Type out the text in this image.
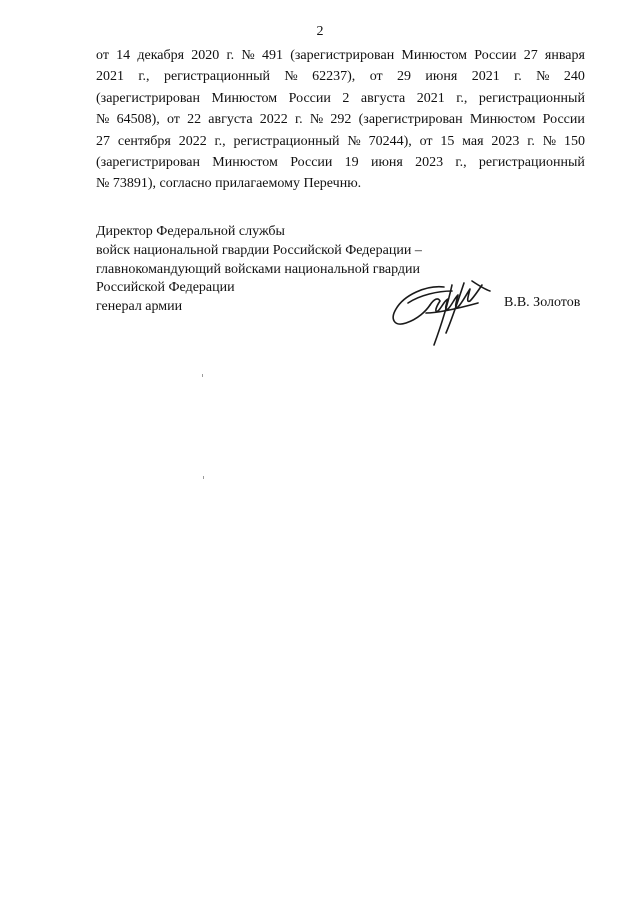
2
от 14 декабря 2020 г. № 491 (зарегистрирован Минюстом России 27 января
2021 г., регистрационный № 62237), от 29 июня 2021 г. № 240
(зарегистрирован Минюстом России 2 августа 2021 г., регистрационный
№ 64508), от 22 августа 2022 г. № 292 (зарегистрирован Минюстом России
27 сентября 2022 г., регистрационный № 70244), от 15 мая 2023 г. № 150
(зарегистрирован Минюстом России 19 июня 2023 г., регистрационный
№ 73891), согласно прилагаемому Перечню.
Директор Федеральной службы
войск национальной гвардии Российской Федерации –
главнокомандующий войсками национальной гвардии
Российской Федерации
генерал армии	В.В. Золотов
